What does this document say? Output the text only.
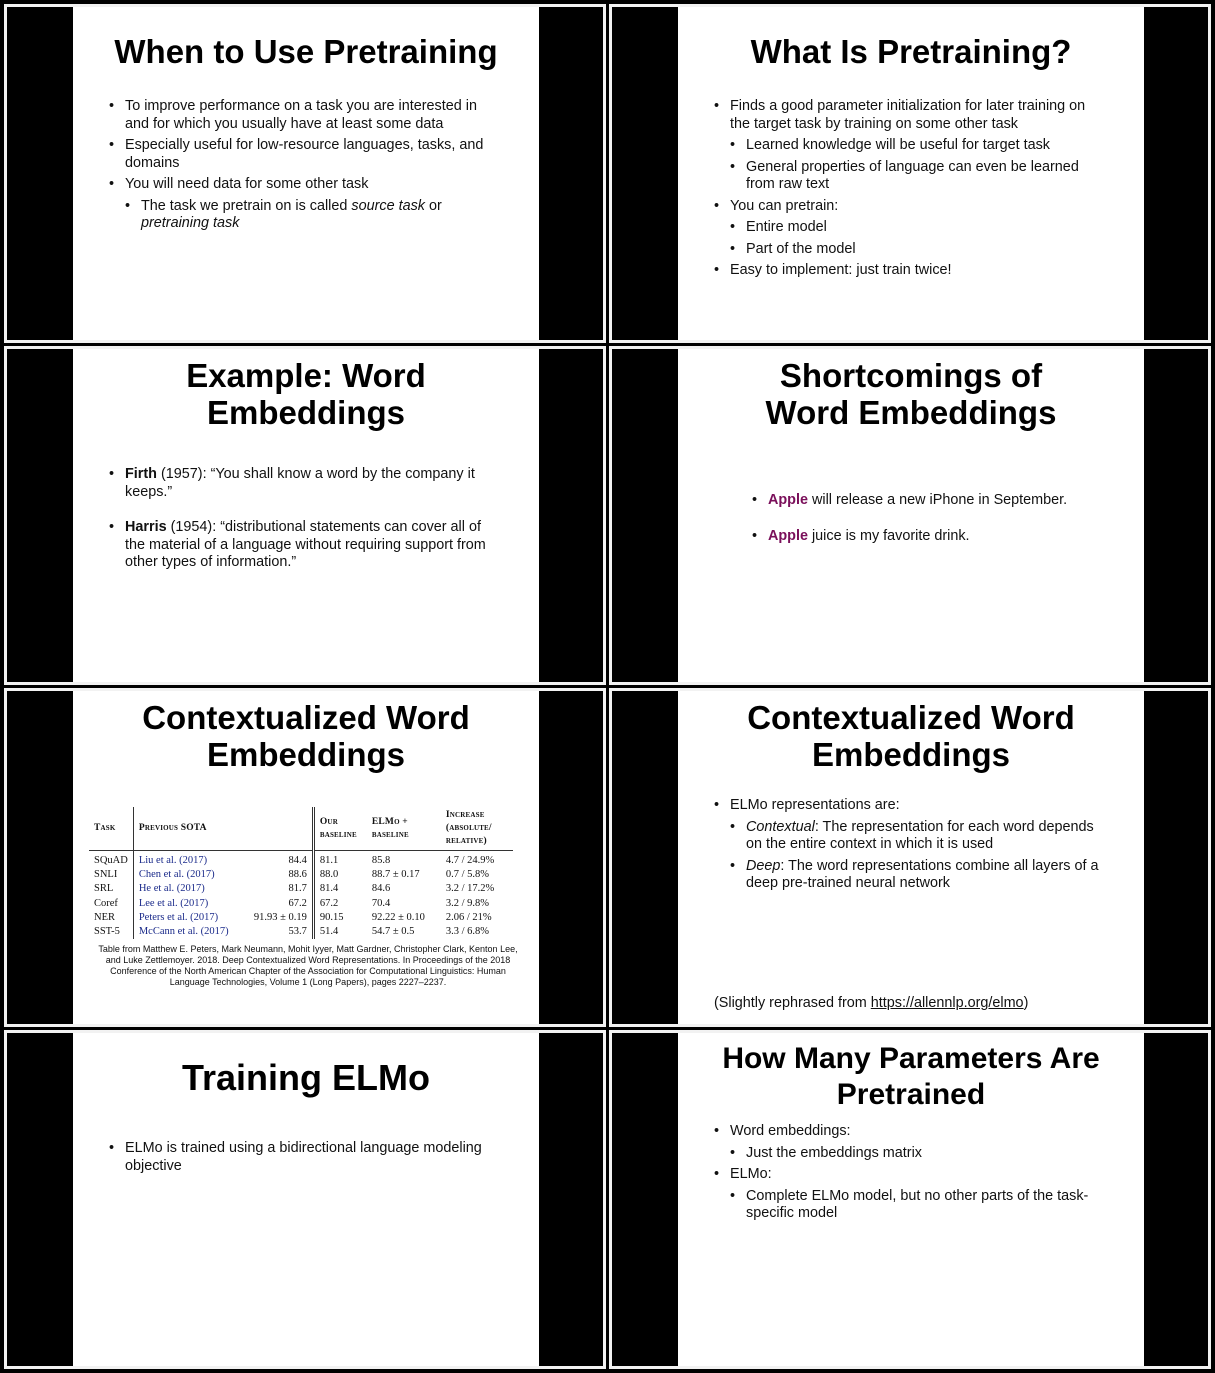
When to Use Pretraining
• To improve performance on a task you are interested in and for which you usually have at least some data
• Especially useful for low-resource languages, tasks, and domains
• You will need data for some other task
• The task we pretrain on is called source task or pretraining task
What Is Pretraining?
• Finds a good parameter initialization for later training on the target task by training on some other task
• Learned knowledge will be useful for target task
• General properties of language can even be learned from raw text
• You can pretrain:
• Entire model
• Part of the model
• Easy to implement: just train twice!
Example: Word Embeddings
• Firth (1957): “You shall know a word by the company it keeps.”
• Harris (1954): “distributional statements can cover all of the material of a language without requiring support from other types of information.”
Shortcomings of Word Embeddings
• Apple will release a new iPhone in September.
• Apple juice is my favorite drink.
Contextualized Word Embeddings
Task	Previous SOTA		Our baseline	ELMo + baseline	Increase (absolute/ relative)
SQuAD	Liu et al. (2017)	84.4	81.1	85.8	4.7 / 24.9%
SNLI	Chen et al. (2017)	88.6	88.0	88.7 ± 0.17	0.7 / 5.8%
SRL	He et al. (2017)	81.7	81.4	84.6	3.2 / 17.2%
Coref	Lee et al. (2017)	67.2	67.2	70.4	3.2 / 9.8%
NER	Peters et al. (2017)	91.93 ± 0.19	90.15	92.22 ± 0.10	2.06 / 21%
SST-5	McCann et al. (2017)	53.7	51.4	54.7 ± 0.5	3.3 / 6.8%
Table from Matthew E. Peters, Mark Neumann, Mohit Iyyer, Matt Gardner, Christopher Clark, Kenton Lee, and Luke Zettlemoyer. 2018. Deep Contextualized Word Representations. In Proceedings of the 2018 Conference of the North American Chapter of the Association for Computational Linguistics: Human Language Technologies, Volume 1 (Long Papers), pages 2227–2237.
Contextualized Word Embeddings
• ELMo representations are:
• Contextual: The representation for each word depends on the entire context in which it is used
• Deep: The word representations combine all layers of a deep pre-trained neural network
(Slightly rephrased from https://allennlp.org/elmo)
Training ELMo
• ELMo is trained using a bidirectional language modeling objective
How Many Parameters Are Pretrained
• Word embeddings:
• Just the embeddings matrix
• ELMo:
• Complete ELMo model, but no other parts of the task-specific model
